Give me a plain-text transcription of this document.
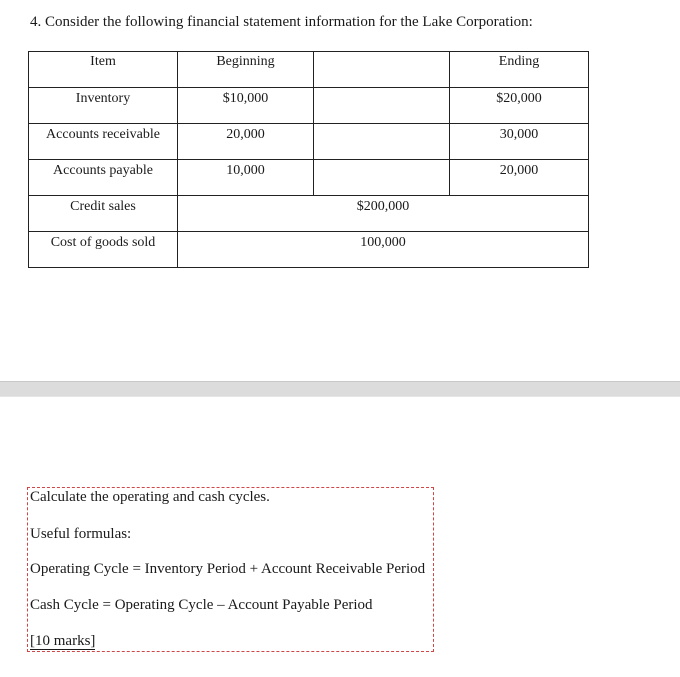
4. Consider the following financial statement information for the Lake Corporation:
Item	Beginning		Ending

Inventory	$10,000		$20,000

Accounts receivable	20,000		30,000

Accounts payable	10,000		20,000

Credit sales	$200,000		

Cost of goods sold	100,000		
Calculate the operating and cash cycles.
Useful formulas:
Operating Cycle = Inventory Period + Account Receivable Period
Cash Cycle = Operating Cycle – Account Payable Period
[10 marks]
